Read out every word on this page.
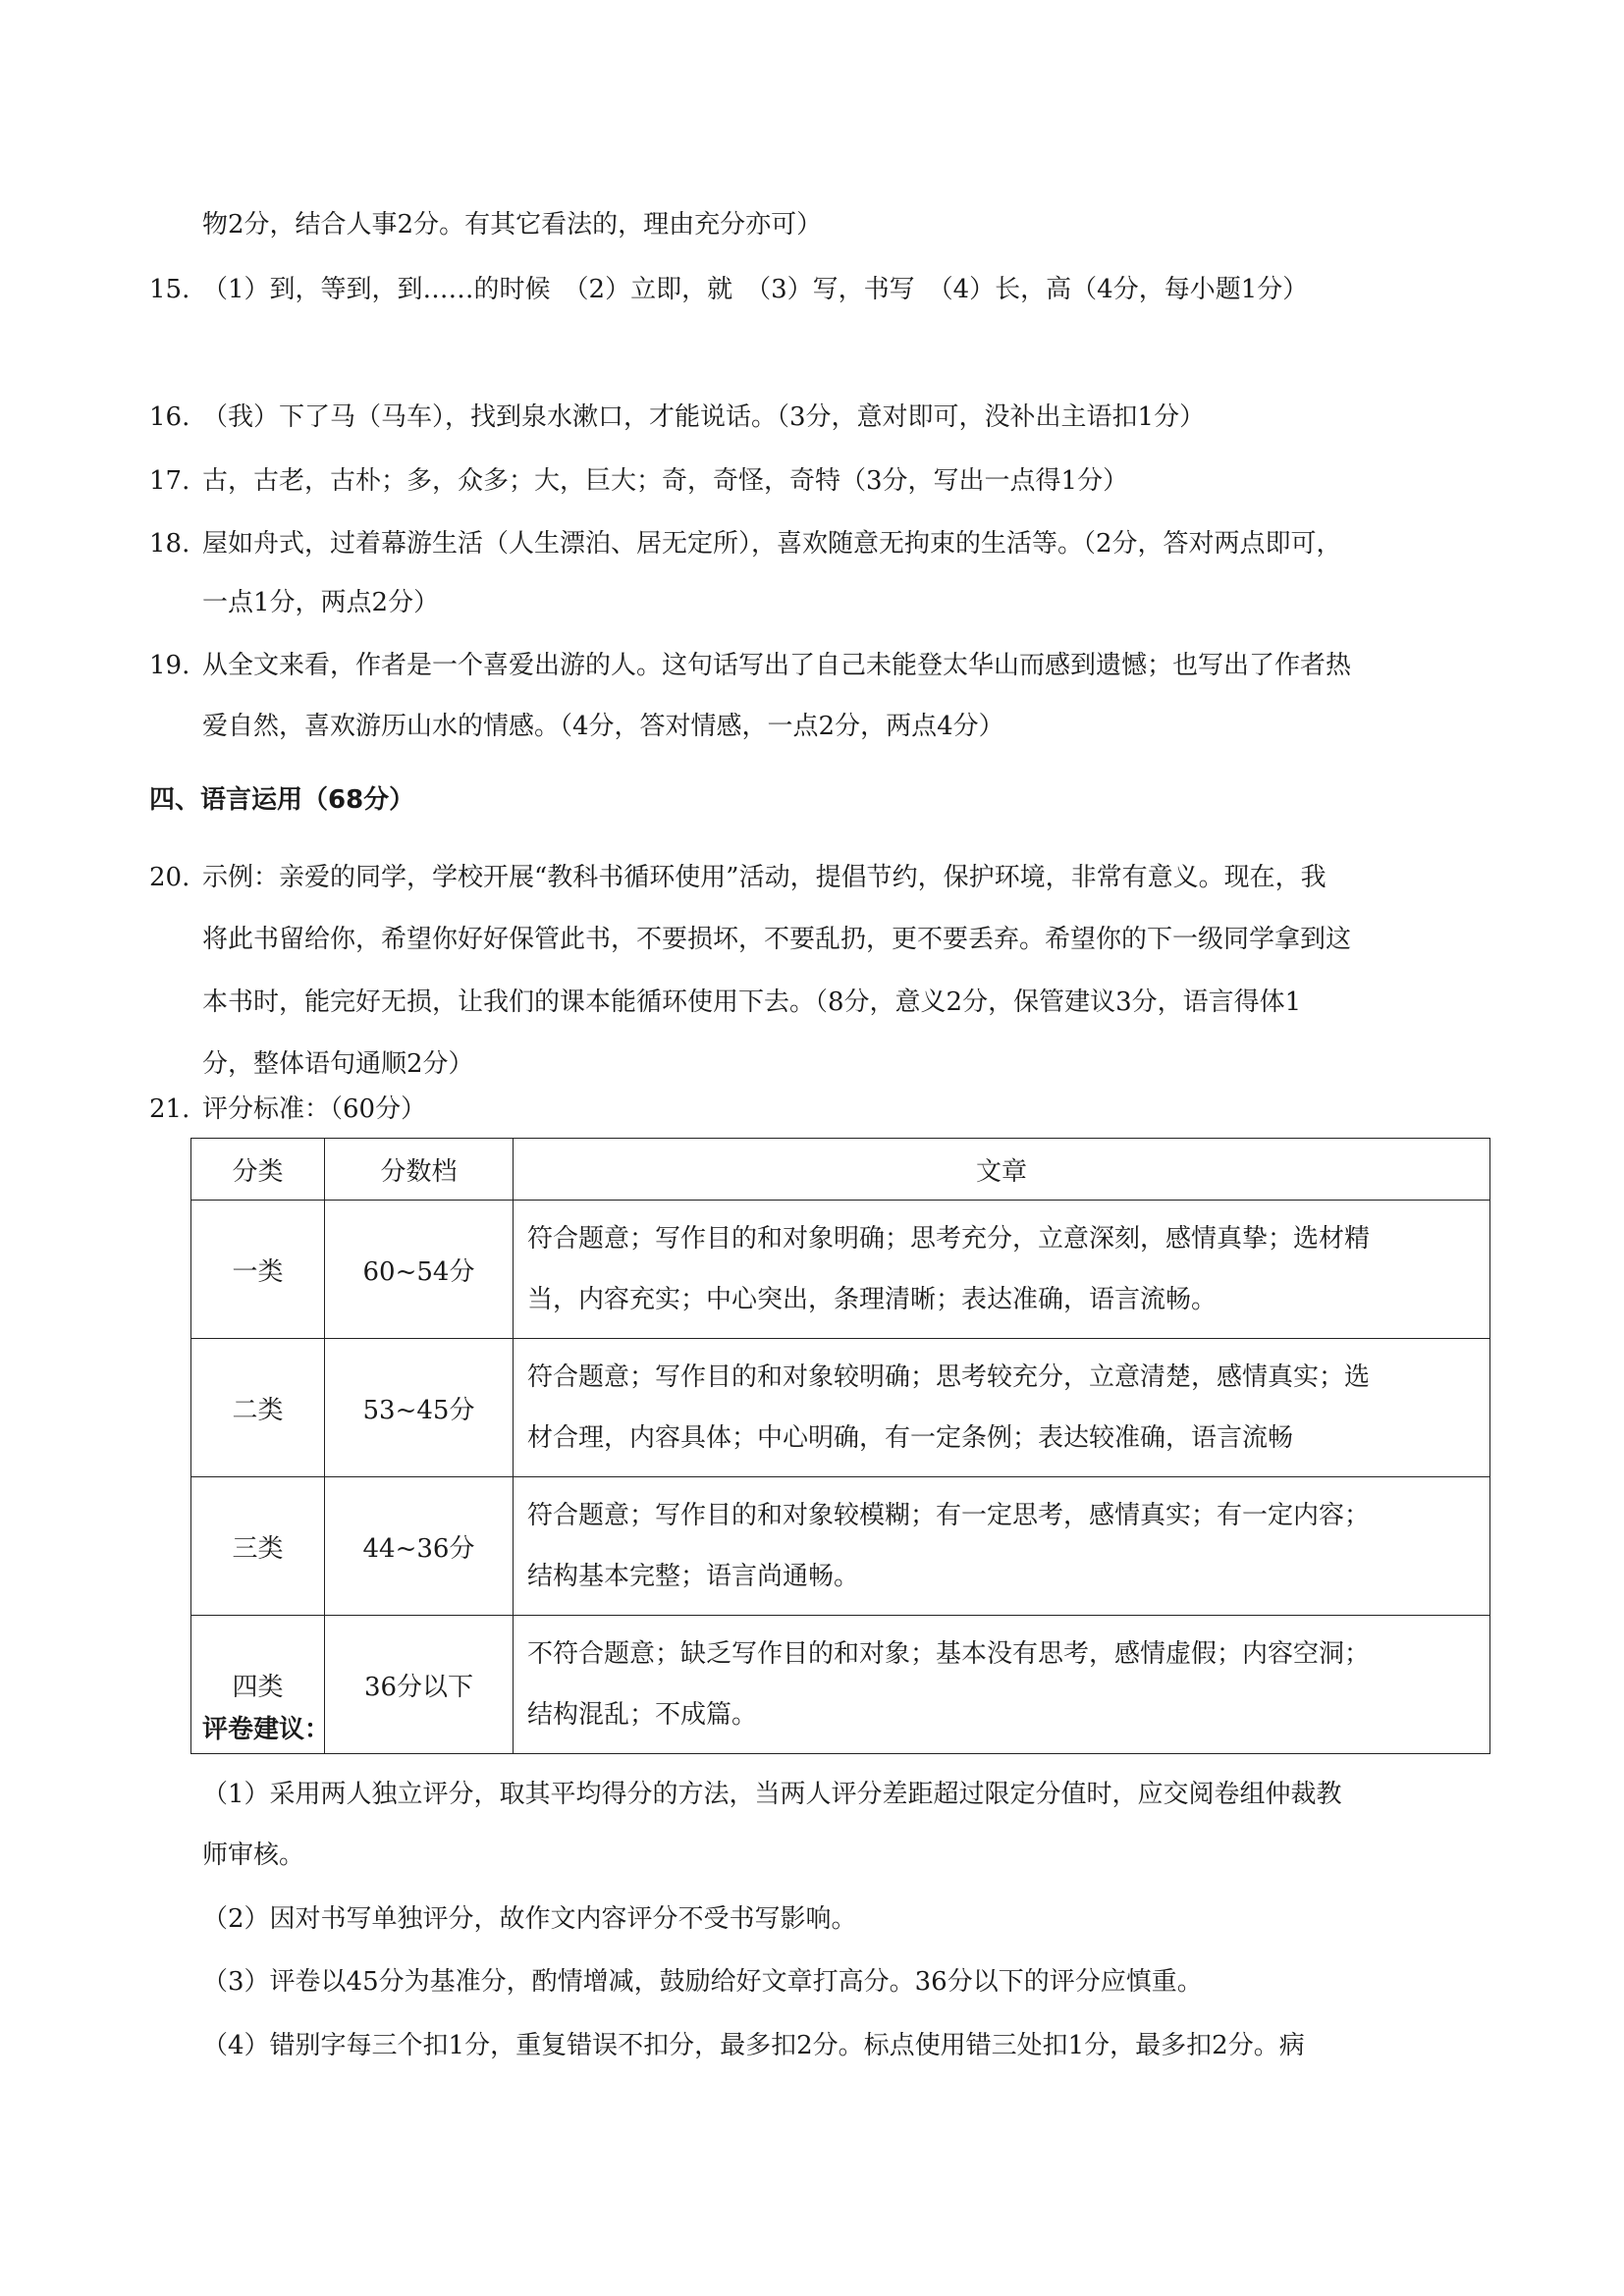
物2分，结合人事2分。有其它看法的，理由充分亦可）
15. （1）到，等到，到……的时候　（2）立即，就　（3）写，书写　（4）长，高（4分，每小题1分）
16. （我）下了马（马车），找到泉水漱口，才能说话。（3分，意对即可，没补出主语扣1分）
17. 古，古老，古朴；多，众多；大，巨大；奇，奇怪，奇特（3分，写出一点得1分）
18. 屋如舟式，过着幕游生活（人生漂泊、居无定所），喜欢随意无拘束的生活等。（2分，答对两点即可，
一点1分，两点2分）
19. 从全文来看，作者是一个喜爱出游的人。这句话写出了自己未能登太华山而感到遗憾；也写出了作者热
爱自然，喜欢游历山水的情感。（4分，答对情感，一点2分，两点4分）
四、语言运用（68分）
20. 示例：亲爱的同学，学校开展“教科书循环使用”活动，提倡节约，保护环境，非常有意义。现在，我
将此书留给你，希望你好好保管此书，不要损坏，不要乱扔，更不要丢弃。希望你的下一级同学拿到这
本书时，能完好无损，让我们的课本能循环使用下去。（8分，意义2分，保管建议3分，语言得体1
分，整体语句通顺2分）
21. 评分标准：（60分）
分类	分数档	文章
一类	60~54分	符合题意；写作目的和对象明确；思考充分，立意深刻，感情真挚；选材精
当，内容充实；中心突出，条理清晰；表达准确，语言流畅。

二类	53~45分	符合题意；写作目的和对象较明确；思考较充分，立意清楚，感情真实；选
材合理，内容具体；中心明确，有一定条例；表达较准确，语言流畅

三类	44~36分	符合题意；写作目的和对象较模糊；有一定思考，感情真实；有一定内容；
结构基本完整；语言尚通畅。

四类	36分以下	不符合题意；缺乏写作目的和对象；基本没有思考，感情虚假；内容空洞；
结构混乱；不成篇。
评卷建议：
（1）采用两人独立评分，取其平均得分的方法，当两人评分差距超过限定分值时，应交阅卷组仲裁教
师审核。
（2）因对书写单独评分，故作文内容评分不受书写影响。
（3）评卷以45分为基准分，酌情增减，鼓励给好文章打高分。36分以下的评分应慎重。
（4）错别字每三个扣1分，重复错误不扣分，最多扣2分。标点使用错三处扣1分，最多扣2分。病
